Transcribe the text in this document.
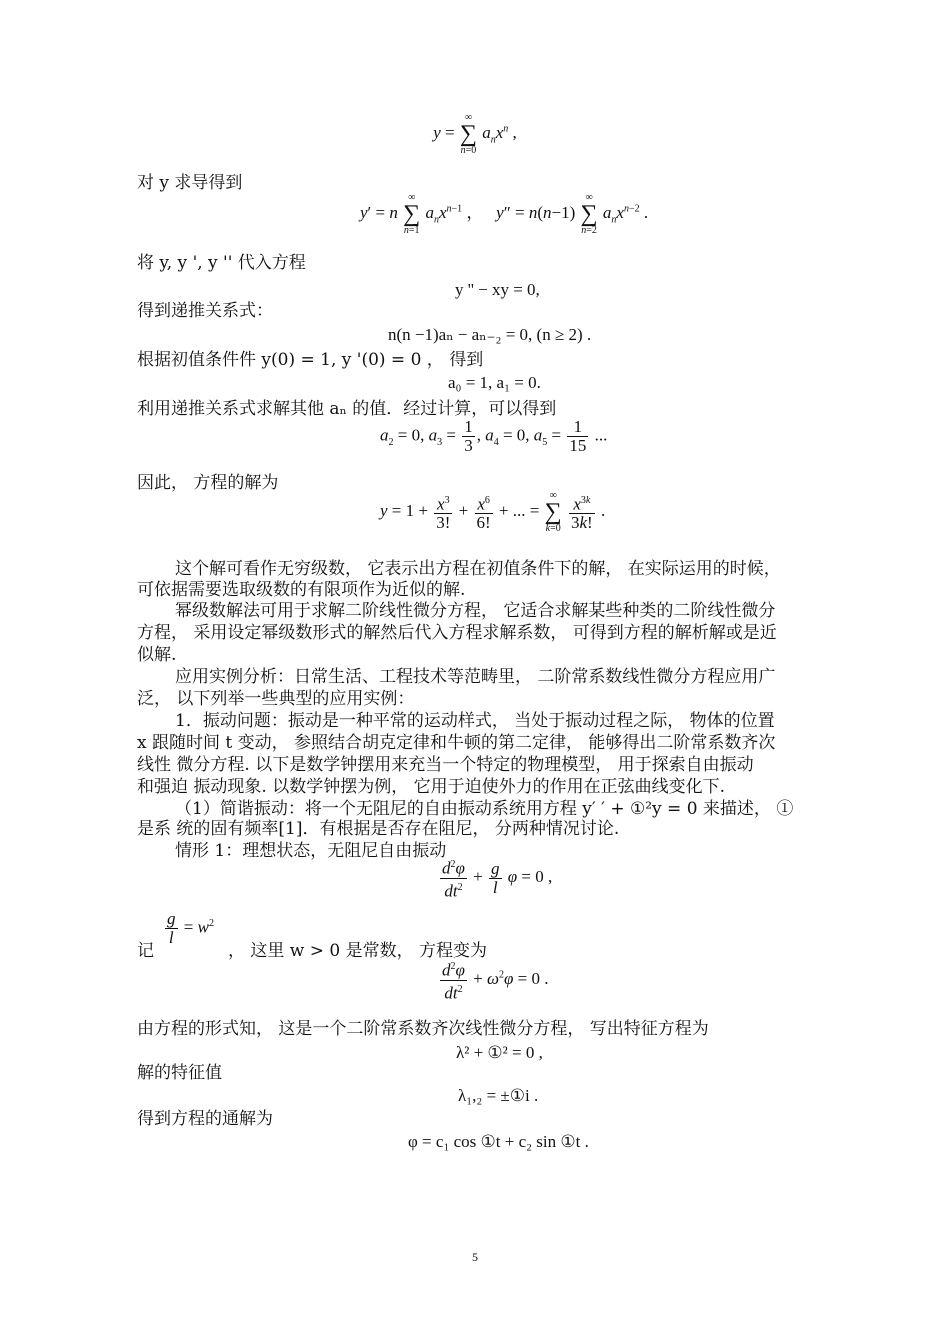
y = ∞
∑
n=0 $a_nx^n$ ,
对 y 求导得到
y′ = n ∞
∑
n=1 $a_nx^{n-1}$ ，   y″ = n(n−1) ∞
∑
n=2 $a_nx^{n-2}$ .
将 y, y ', y '' 代入方程
y '' − xy = 0,
得到递推关系式：
n(n −1)aₙ − aₙ₋₂ = 0, (n ≥ 2) .
根据初值条件件 y(0) = 1, y '(0) = 0 ， 得到
a₀ = 1, a₁ = 0.
利用递推关系式求解其他 aₙ 的值．经过计算，可以得到
$a_2 = 0$, $a_3 = \frac{1}{3}$ , $a_4 = 0$, $a_5 = \frac{1}{15}$ ...
因此， 方程的解为
$y = 1 + \frac{x^3}{3!} + \frac{x^6}{6!}$ + ... = ∞
∑
$k=0 \frac{x^{3k}}{3k!}$ .
这个解可看作无穷级数， 它表示出方程在初值条件下的解， 在实际运用的时候，
可依据需要选取级数的有限项作为近似的解.
幂级数解法可用于求解二阶线性微分方程， 它适合求解某些种类的二阶线性微分
方程， 采用设定幂级数形式的解然后代入方程求解系数， 可得到方程的解析解或是近
似解.
应用实例分析：日常生活、工程技术等范畴里， 二阶常系数线性微分方程应用广
泛， 以下列举一些典型的应用实例：
1．振动问题：振动是一种平常的运动样式， 当处于振动过程之际， 物体的位置
x 跟随时间 t 变动， 参照结合胡克定律和牛顿的第二定律， 能够得出二阶常系数齐次
线性 微分方程. 以下是数学钟摆用来充当一个特定的物理模型， 用于探索自由振动
和强迫 振动现象. 以数学钟摆为例， 它用于迫使外力的作用在正弦曲线变化下.
（1）简谐振动：将一个无阻尼的自由振动系统用方程 y′ ′ + ①²y = 0 来描述， ①
是系 统的固有频率[1]．有根据是否存在阻尼， 分两种情况讨论.
情形 1：理想状态，无阻尼自由振动
$\frac{d^2\varphi}{dt^2} + \frac{g}{l}$ φ = 0 ,
记
$\frac{g}{l} = w^2$
， 这里 w > 0 是常数， 方程变为
$\frac{d^2\varphi}{dt^2} + \omega^2\varphi = 0$ .
由方程的形式知， 这是一个二阶常系数齐次线性微分方程， 写出特征方程为
λ² + ①² = 0 ,
解的特征值
λ₁,₂ = ±①i .
得到方程的通解为
φ = c₁ cos ①t + c₂ sin ①t .
5
